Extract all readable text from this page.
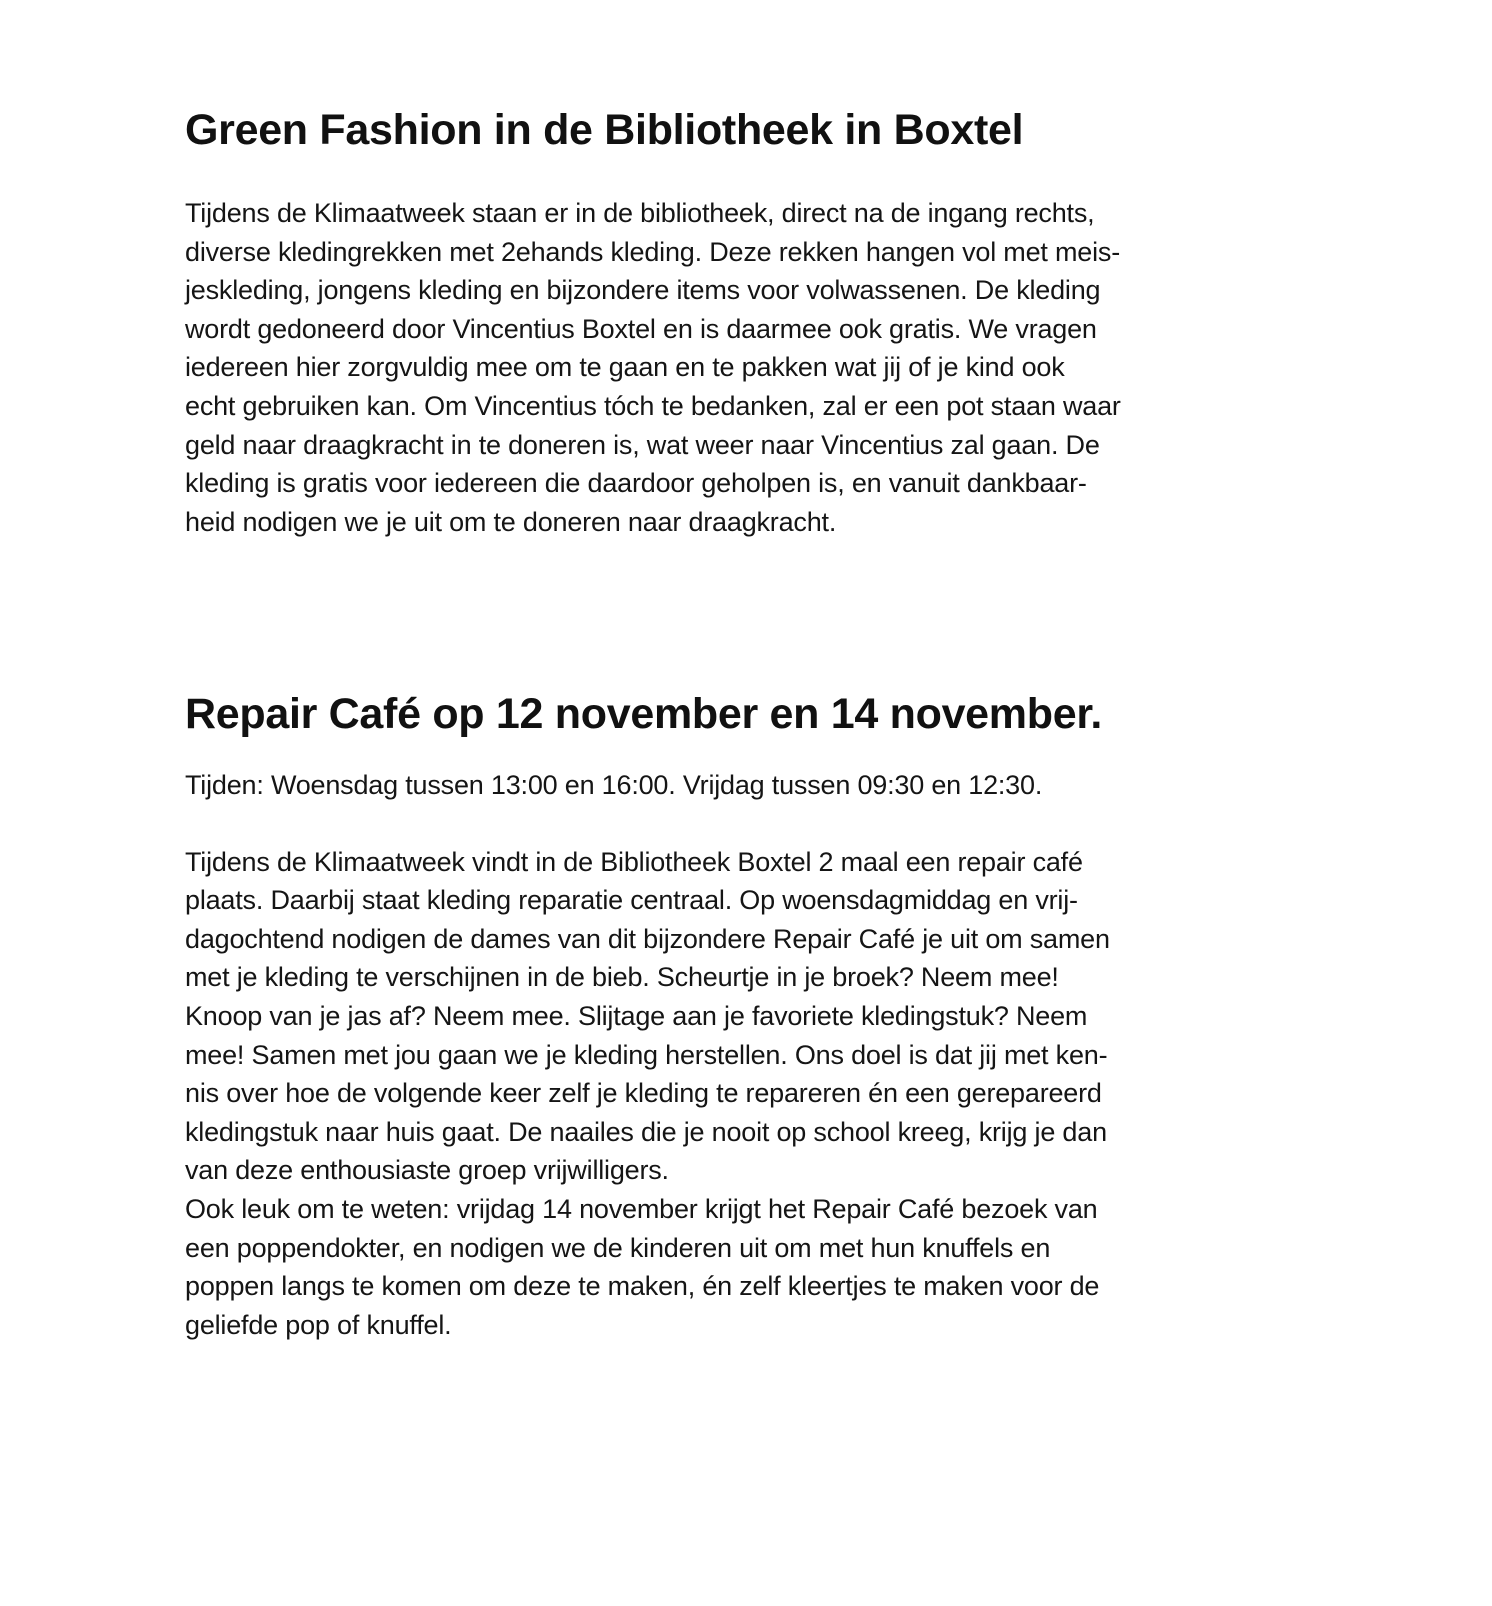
Green Fashion in de Bibliotheek in Boxtel

Tijdens de Klimaatweek staan er in de bibliotheek, direct na de ingang rechts,
diverse kledingrekken met 2ehands kleding. Deze rekken hangen vol met meis-
jeskleding, jongens kleding en bijzondere items voor volwassenen. De kleding
wordt gedoneerd door Vincentius Boxtel en is daarmee ook gratis. We vragen
iedereen hier zorgvuldig mee om te gaan en te pakken wat jij of je kind ook
echt gebruiken kan. Om Vincentius tóch te bedanken, zal er een pot staan waar
geld naar draagkracht in te doneren is, wat weer naar Vincentius zal gaan. De
kleding is gratis voor iedereen die daardoor geholpen is, en vanuit dankbaar-
heid nodigen we je uit om te doneren naar draagkracht.

Repair Café op 12 november en 14 november.

Tijden: Woensdag tussen 13:00 en 16:00. Vrijdag tussen 09:30 en 12:30.

Tijdens de Klimaatweek vindt in de Bibliotheek Boxtel 2 maal een repair café
plaats. Daarbij staat kleding reparatie centraal. Op woensdagmiddag en vrij-
dagochtend nodigen de dames van dit bijzondere Repair Café je uit om samen
met je kleding te verschijnen in de bieb. Scheurtje in je broek? Neem mee!
Knoop van je jas af? Neem mee. Slijtage aan je favoriete kledingstuk? Neem
mee! Samen met jou gaan we je kleding herstellen. Ons doel is dat jij met ken-
nis over hoe de volgende keer zelf je kleding te repareren én een gerepareerd
kledingstuk naar huis gaat. De naailes die je nooit op school kreeg, krijg je dan
van deze enthousiaste groep vrijwilligers.
Ook leuk om te weten: vrijdag 14 november krijgt het Repair Café bezoek van
een poppendokter, en nodigen we de kinderen uit om met hun knuffels en
poppen langs te komen om deze te maken, én zelf kleertjes te maken voor de
geliefde pop of knuffel.
